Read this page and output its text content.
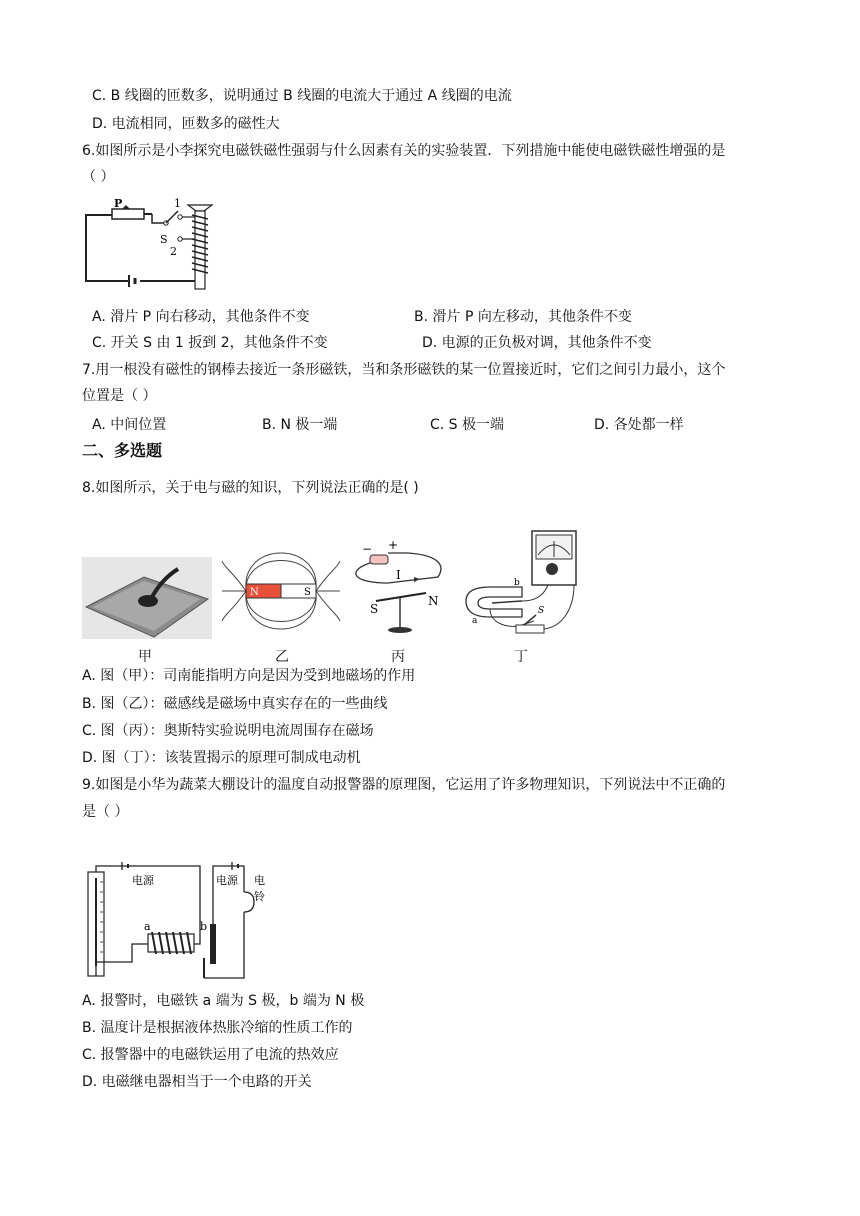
C. B 线圈的匝数多，说明通过 B 线圈的电流大于通过 A 线圈的电流
D. 电流相同，匝数多的磁性大
6.如图所示是小李探究电磁铁磁性强弱与什么因素有关的实验装置．下列措施中能使电磁铁磁性增强的是
（ ）
P	1
S
2
A. 滑片 P 向右移动，其他条件不变	B. 滑片 P 向左移动，其他条件不变
C. 开关 S 由 1 扳到 2，其他条件不变	D. 电源的正负极对调，其他条件不变
7.用一根没有磁性的钢棒去接近一条形磁铁，当和条形磁铁的某一位置接近时，它们之间引力最小，这个
位置是（ ）
A. 中间位置	B. N 极一端	C. S 极一端	D. 各处都一样
二、多选题
8.如图所示，关于电与磁的知识，下列说法正确的是( )
N	S
− +
I
S
N
a
b
S
甲	乙	丙	丁
A. 图（甲）：司南能指明方向是因为受到地磁场的作用
B. 图（乙）：磁感线是磁场中真实存在的一些曲线
C. 图（丙）：奥斯特实验说明电流周围存在磁场
D. 图（丁）：该装置揭示的原理可制成电动机
9.如图是小华为蔬菜大棚设计的温度自动报警器的原理图，它运用了许多物理知识，下列说法中不正确的
是（ ）
电源
a	b
电源 电
铃
A. 报警时，电磁铁 a 端为 S 极，b 端为 N 极
B. 温度计是根据液体热胀冷缩的性质工作的
C. 报警器中的电磁铁运用了电流的热效应
D. 电磁继电器相当于一个电路的开关
